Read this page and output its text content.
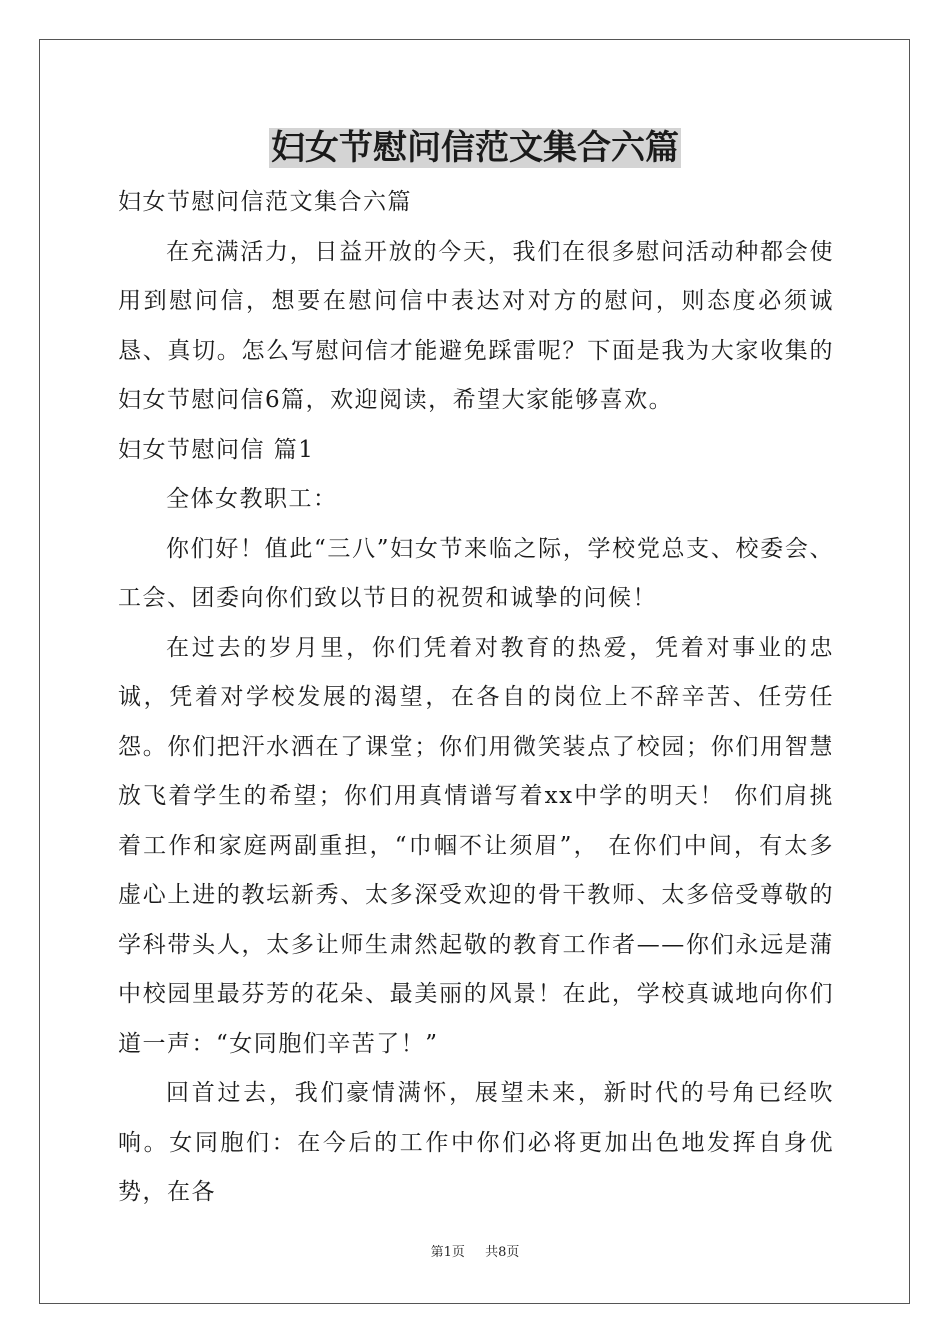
妇女节慰问信范文集合六篇

妇女节慰问信范文集合六篇

在充满活力，日益开放的今天，我们在很多慰问活动种都会使用到慰问信，想要在慰问信中表达对对方的慰问，则态度必须诚恳、真切。怎么写慰问信才能避免踩雷呢？下面是我为大家收集的妇女节慰问信6篇，欢迎阅读，希望大家能够喜欢。

妇女节慰问信 篇1

全体女教职工：

你们好！值此“三八”妇女节来临之际，学校党总支、校委会、工会、团委向你们致以节日的祝贺和诚挚的问候！

在过去的岁月里，你们凭着对教育的热爱，凭着对事业的忠诚，凭着对学校发展的渴望，在各自的岗位上不辞辛苦、任劳任怨。你们把汗水洒在了课堂；你们用微笑装点了校园；你们用智慧放飞着学生的希望；你们用真情谱写着xx中学的明天！ 你们肩挑着工作和家庭两副重担，“巾帼不让须眉”， 在你们中间，有太多虚心上进的教坛新秀、太多深受欢迎的骨干教师、太多倍受尊敬的学科带头人，太多让师生肃然起敬的教育工作者——你们永远是蒲中校园里最芬芳的花朵、最美丽的风景！在此，学校真诚地向你们道一声：“女同胞们辛苦了！”

回首过去，我们豪情满怀，展望未来，新时代的号角已经吹响。女同胞们：在今后的工作中你们必将更加出色地发挥自身优势，在各

第1页 共8页
